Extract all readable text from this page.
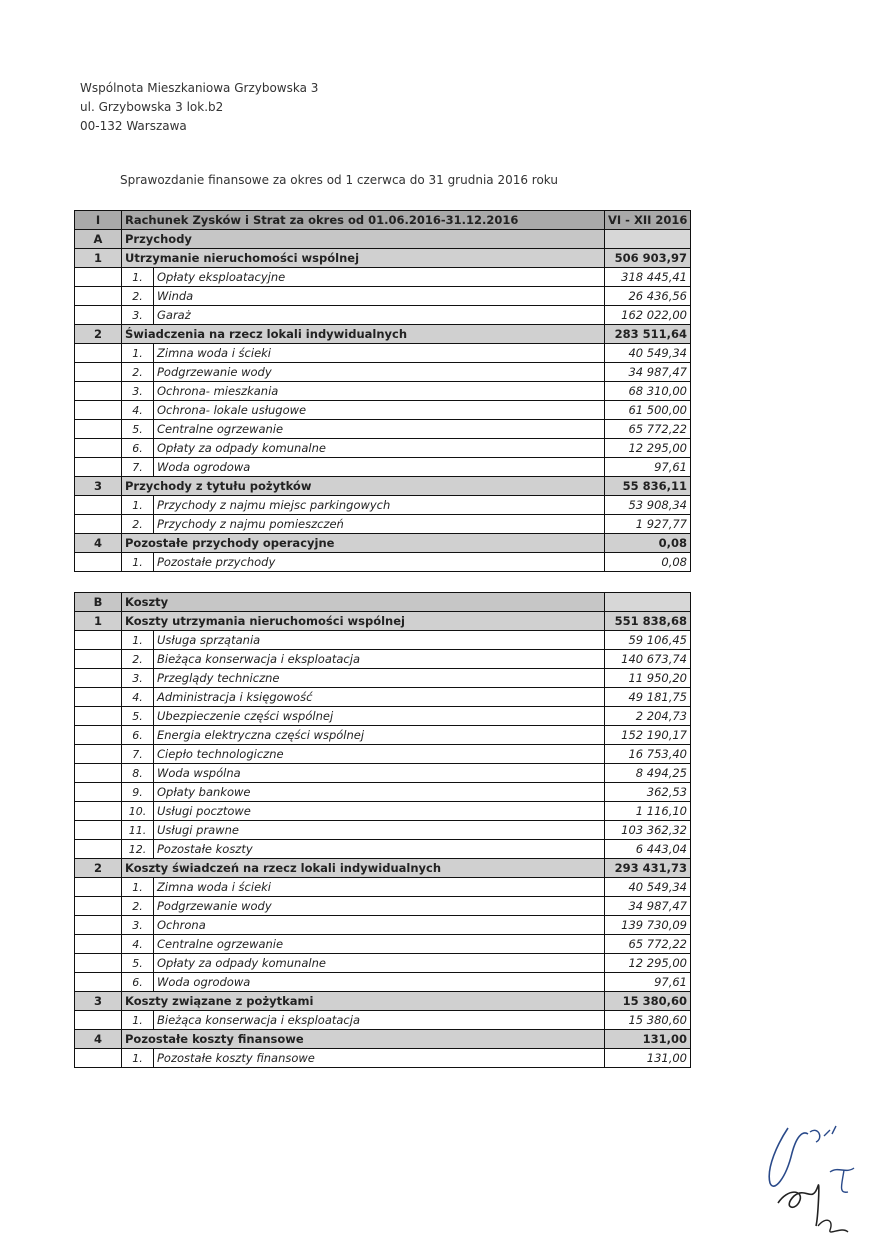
Wspólnota Mieszkaniowa Grzybowska 3
ul. Grzybowska 3 lok.b2
00-132 Warszawa
Sprawozdanie finansowe za okres od 1 czerwca do 31 grudnia 2016 roku
I	Rachunek Zysków i Strat za okres od 01.06.2016-31.12.2016		VI - XII 2016
A	Przychody		
1	Utrzymanie nieruchomości wspólnej		506 903,97
	1.	Opłaty eksploatacyjne	318 445,41
	2.	Winda	26 436,56
	3.	Garaż	162 022,00
2	Świadczenia na rzecz lokali indywidualnych		283 511,64
	1.	Zimna woda i ścieki	40 549,34
	2.	Podgrzewanie wody	34 987,47
	3.	Ochrona- mieszkania	68 310,00
	4.	Ochrona- lokale usługowe	61 500,00
	5.	Centralne ogrzewanie	65 772,22
	6.	Opłaty za odpady komunalne	12 295,00
	7.	Woda ogrodowa	97,61
3	Przychody z tytułu pożytków		55 836,11
	1.	Przychody z najmu miejsc parkingowych	53 908,34
	2.	Przychody z najmu pomieszczeń	1 927,77
4	Pozostałe przychody operacyjne		0,08
	1.	Pozostałe przychody	0,08
B	Koszty		
1	Koszty utrzymania nieruchomości wspólnej		551 838,68
	1.	Usługa sprzątania	59 106,45
	2.	Bieżąca konserwacja i eksploatacja	140 673,74
	3.	Przeglądy techniczne	11 950,20
	4.	Administracja i księgowość	49 181,75
	5.	Ubezpieczenie części wspólnej	2 204,73
	6.	Energia elektryczna części wspólnej	152 190,17
	7.	Ciepło technologiczne	16 753,40
	8.	Woda wspólna	8 494,25
	9.	Opłaty bankowe	362,53
	10.	Usługi pocztowe	1 116,10
	11.	Usługi prawne	103 362,32
	12.	Pozostałe koszty	6 443,04
2	Koszty świadczeń na rzecz lokali indywidualnych		293 431,73
	1.	Zimna woda i ścieki	40 549,34
	2.	Podgrzewanie wody	34 987,47
	3.	Ochrona	139 730,09
	4.	Centralne ogrzewanie	65 772,22
	5.	Opłaty za odpady komunalne	12 295,00
	6.	Woda ogrodowa	97,61
3	Koszty związane z pożytkami		15 380,60
	1.	Bieżąca konserwacja i eksploatacja	15 380,60
4	Pozostałe koszty finansowe		131,00
	1.	Pozostałe koszty finansowe	131,00
